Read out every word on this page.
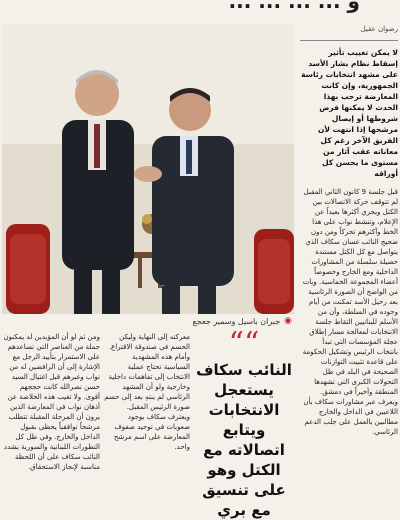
و ... ... ... ...
◉
جبران باسيل وسمير جعجع
رضوان عقيل
لا يمكن تغييب تأثير إسقاط نظام بشار الأسد على مشهد انتخابات رئاسة الجمهورية، وإن كانت المعارضة ترحب بهذا الحدث لا يمكنها فرض شروطها أو إيصال مرشحها إذا انتهت لأن الفريق الآخر رغم كل معاناته عقب آثار من مستوى ما يحسن كل أوراقه
قبل جلسة 9 كانون الثاني المقبل لم تتوقف حركة الاتصالات بين الكتل ويجري أكثرها بعيداً عن الإعلام، وتنشط نواب على هذا الخط وأكثرهم تحركاً ومن دون ضجيج النائب غسان سكاف الذي يتواصل مع كل الكتل مستندة حصيلة سلسلة من المشاورات الداخلية ومع الخارج وخصوصاً أعضاء المجموعة الخماسية. وبات من الواضح أن الصورة الرئاسية بعد رحيل الأسد تمكنت من أيام وجوده في السلطة، وأن من الأسلم للبنانيين التقاط جلسة الانتخابات لمعالجة مسار إطلاق عجلة المؤسسات التي تبدأ بانتخاب الرئيس وتشكيل الحكومة على قاعدة تثبيت التوازنات الصحيحة في البلد في ظل التحولات الكبرى التي تشهدها المنطقة وأخيراً في دمشق. ويعرف عبر مشاورات سكاف بأن اللاعبين في الداخل والخارج مطالبين بالعمل على جلب الدعم الرئاسي.
““
النائب سكاف يستعجل الانتخابات ويتابع اتصالاته مع الكتل وهو على تنسيق مع بري
معركته إلى النهاية وليكن الحسم في صندوقة الاقتراع. وأمام هذه المشهدية السياسية تحتاج عملية الانتخاب إلى تفاهمات داخلية وخارجية ولو أن المشهد الرئاسي لم ينتهِ بعد إلى حسم صورة الرئيس المقبل. ويعترف سكاف بوجود صعوبات في توحيد صفوف المعارضة على اسم مرشح واحد.

ومن ثم لو أن المؤيدين له يمكنون جملة من العناصر التي تساعدهم على الاستمرار بتأييد الرجل مع الإشارة إلى أن الرافضين له من نواب وغيرهم قبل اغتيال السيد حسن نصرالله كانت حججهم أقوى. ولا تغيب هذه الخلاصة عن أذهان نواب في المعارضة الذين يرون أن المرحلة المقبلة تتطلب مرشحاً توافقياً يحظى بقبول الداخل والخارج. وفي ظل كل التطورات اللبنانية والسورية يشدد النائب سكاف على أن اللحظة مناسبة لإنجاز الاستحقاق.
